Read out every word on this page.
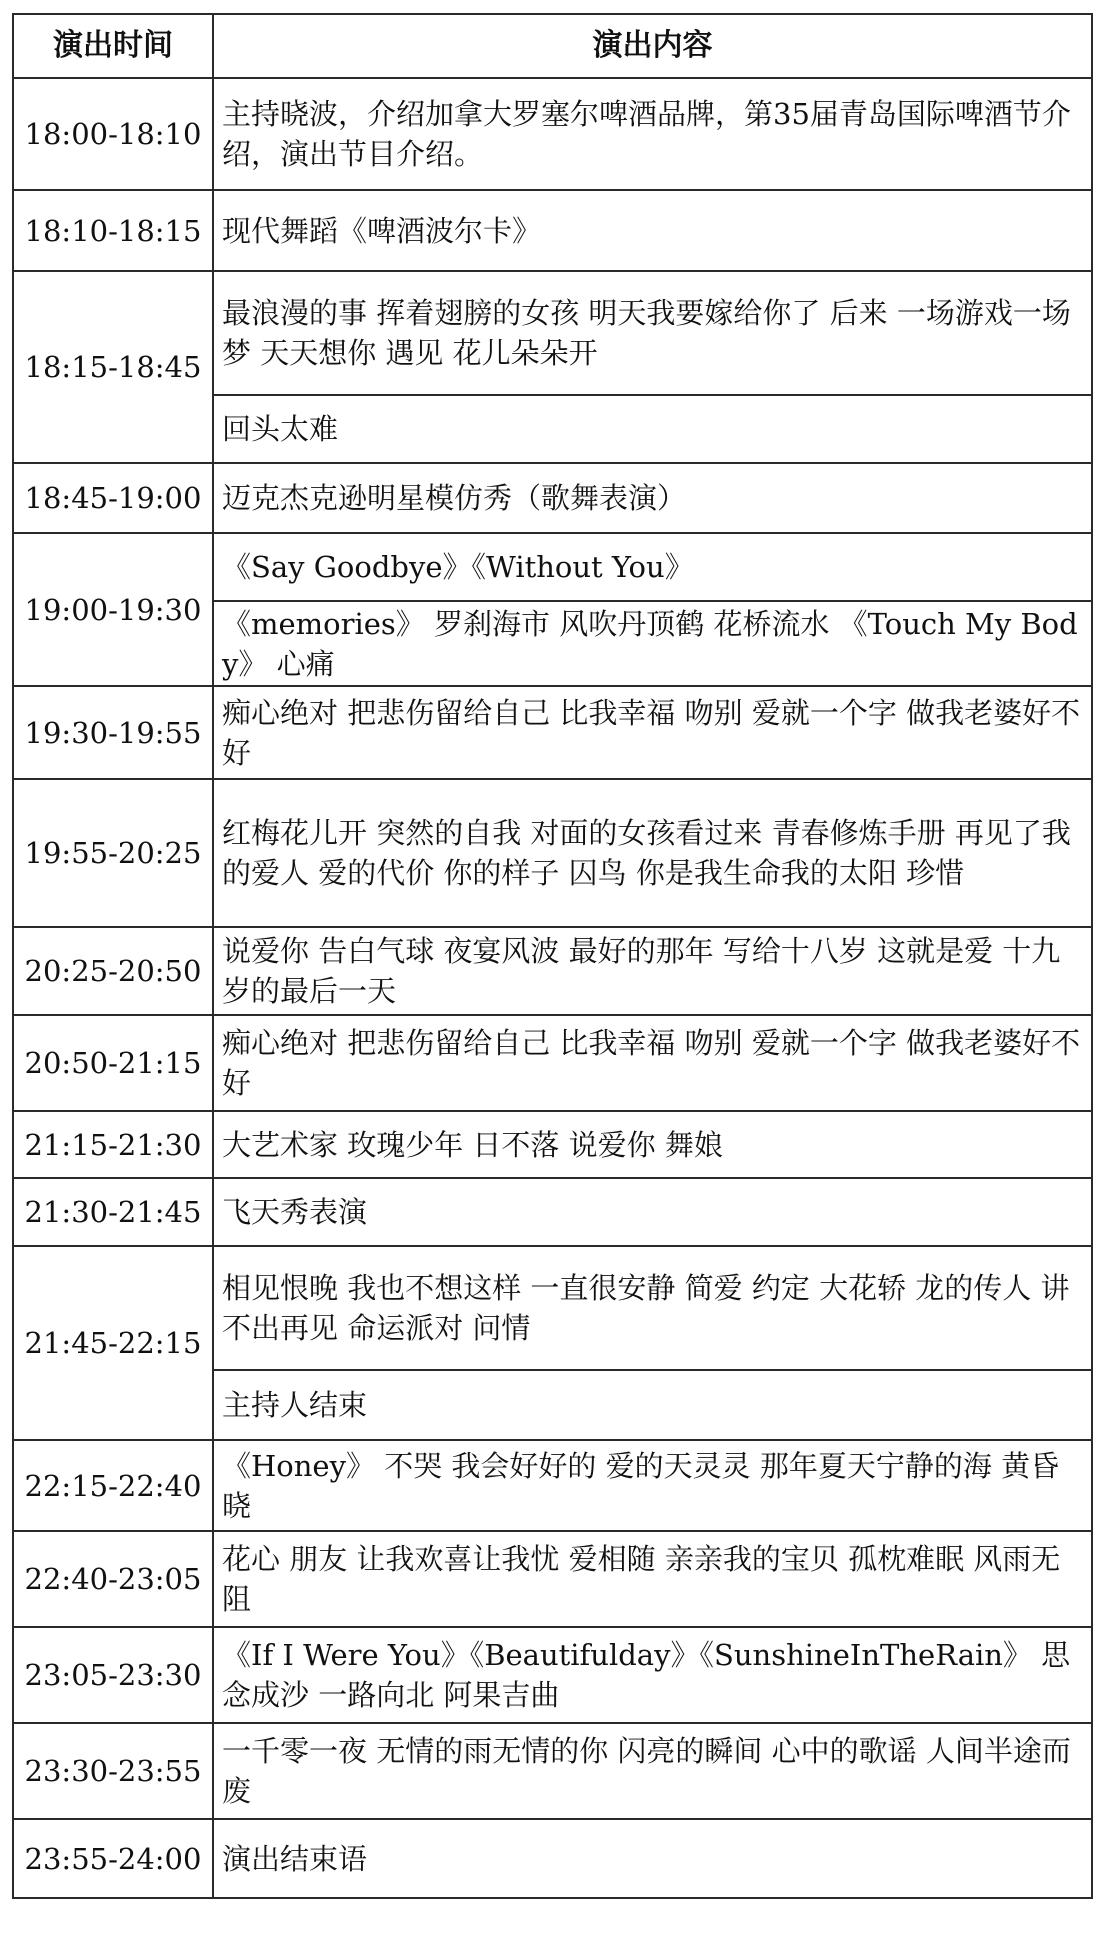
演出时间	演出内容
18:00-18:10	主持晓波，介绍加拿大罗塞尔啤酒品牌，第35届青岛国际啤酒节介绍，演出节目介绍。
18:10-18:15	现代舞蹈《啤酒波尔卡》
18:15-18:45	最浪漫的事 挥着翅膀的女孩 明天我要嫁给你了 后来 一场游戏一场梦 天天想你 遇见 花儿朵朵开
	回头太难
18:45-19:00	迈克杰克逊明星模仿秀（歌舞表演）
19:00-19:30	《Say Goodbye》《Without You》
	《memories》 罗刹海市 风吹丹顶鹤 花桥流水 《Touch My Body》 心痛
19:30-19:55	痴心绝对 把悲伤留给自己 比我幸福 吻别 爱就一个字 做我老婆好不好
19:55-20:25	红梅花儿开 突然的自我 对面的女孩看过来 青春修炼手册 再见了我的爱人 爱的代价 你的样子 囚鸟 你是我生命我的太阳 珍惜
20:25-20:50	说爱你 告白气球 夜宴风波 最好的那年 写给十八岁 这就是爱 十九岁的最后一天
20:50-21:15	痴心绝对 把悲伤留给自己 比我幸福 吻别 爱就一个字 做我老婆好不好
21:15-21:30	大艺术家 玫瑰少年 日不落 说爱你 舞娘
21:30-21:45	飞天秀表演
21:45-22:15	相见恨晚 我也不想这样 一直很安静 简爱 约定 大花轿 龙的传人 讲不出再见 命运派对 问情
	主持人结束
22:15-22:40	《Honey》 不哭 我会好好的 爱的天灵灵 那年夏天宁静的海 黄昏晓
22:40-23:05	花心 朋友 让我欢喜让我忧 爱相随 亲亲我的宝贝 孤枕难眠 风雨无阻
23:05-23:30	《If I Were You》《Beautifulday》《SunshineInTheRain》 思念成沙 一路向北 阿果吉曲
23:30-23:55	一千零一夜 无情的雨无情的你 闪亮的瞬间 心中的歌谣 人间半途而废
23:55-24:00	演出结束语
